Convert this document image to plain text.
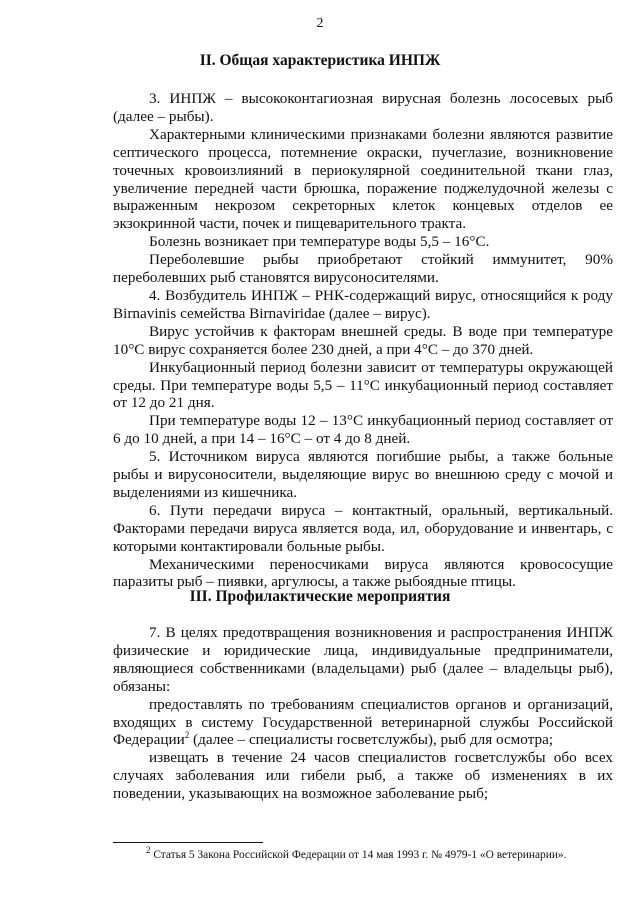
2
II. Общая характеристика ИНПЖ

3. ИНПЖ – высококонтагиозная вирусная болезнь лососевых рыб (далее – рыбы).

Характерными клиническими признаками болезни являются развитие септического процесса, потемнение окраски, пучеглазие, возникновение точечных кровоизлияний в периокулярной соединительной ткани глаз, увеличение передней части брюшка, поражение поджелудочной железы с выраженным некрозом секреторных клеток концевых отделов ее экзокринной части, почек и пищеварительного тракта.

Болезнь возникает при температуре воды 5,5 – 16°С.

Переболевшие рыбы приобретают стойкий иммунитет, 90% переболевших рыб становятся вирусоносителями.

4. Возбудитель ИНПЖ – РНК-содержащий вирус, относящийся к роду Birnavinis семейства Birnaviridae (далее – вирус).

Вирус устойчив к факторам внешней среды. В воде при температуре 10°С вирус сохраняется более 230 дней, а при 4°С – до 370 дней.

Инкубационный период болезни зависит от температуры окружающей среды. При температуре воды 5,5 – 11°С инкубационный период составляет от 12 до 21 дня.

При температуре воды 12 – 13°С инкубационный период составляет от 6 до 10 дней, а при 14 – 16°С – от 4 до 8 дней.

5. Источником вируса являются погибшие рыбы, а также больные рыбы и вирусоносители, выделяющие вирус во внешнюю среду с мочой и выделениями из кишечника.

6. Пути передачи вируса – контактный, оральный, вертикальный. Факторами передачи вируса является вода, ил, оборудование и инвентарь, с которыми контактировали больные рыбы.

Механическими переносчиками вируса являются кровососущие паразиты рыб – пиявки, аргулюсы, а также рыбоядные птицы.

III. Профилактические мероприятия

7. В целях предотвращения возникновения и распространения ИНПЖ физические и юридические лица, индивидуальные предприниматели, являющиеся собственниками (владельцами) рыб (далее – владельцы рыб), обязаны:

предоставлять по требованиям специалистов органов и организаций, входящих в систему Государственной ветеринарной службы Российской Федерации$^2$ (далее – специалисты госветслужбы), рыб для осмотра;

извещать в течение 24 часов специалистов госветслужбы обо всех случаях заболевания или гибели рыб, а также об изменениях в их поведении, указывающих на возможное заболевание рыб;

$^2$ Статья 5 Закона Российской Федерации от 14 мая 1993 г. № 4979-1 «О ветеринарии».
